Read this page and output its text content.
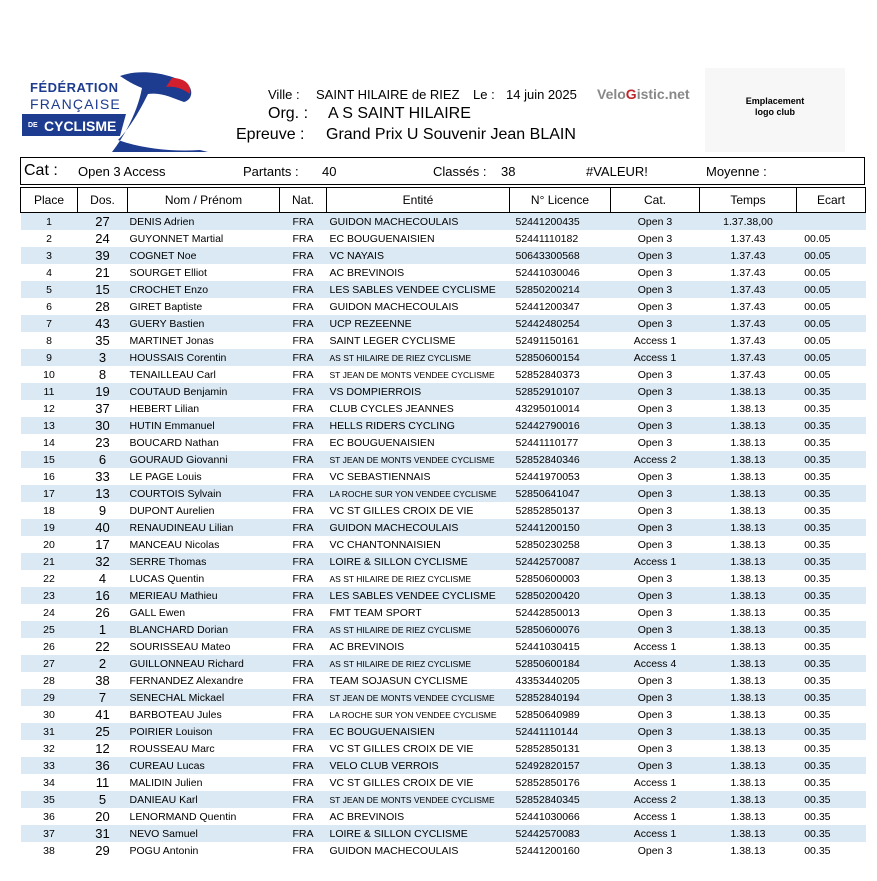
FÉDÉRATION
FRANÇAISE
DE CYCLISME
Ville : SAINT HILAIRE de RIEZ Le : 14 juin 2025
Org. : A S SAINT HILAIRE
Epreuve : Grand Prix U Souvenir Jean BLAIN
VeloGistic.net	Emplacement
logo club
Cat : Open 3 Access	Partants : 40	Classés : 38	#VALEUR!	Moyenne :
Place	Dos.	Nom / Prénom	Nat.	Entité	N° Licence	Cat.	Temps	Ecart
1	27	DENIS Adrien	FRA	GUIDON MACHECOULAIS	52441200435	Open 3	1.37.38,00	
2	24	GUYONNET Martial	FRA	EC BOUGUENAISIEN	52441110182	Open 3	1.37.43	00.05
3	39	COGNET Noe	FRA	VC NAYAIS	50643300568	Open 3	1.37.43	00.05
4	21	SOURGET Elliot	FRA	AC BREVINOIS	52441030046	Open 3	1.37.43	00.05
5	15	CROCHET Enzo	FRA	LES SABLES VENDEE CYCLISME	52850200214	Open 3	1.37.43	00.05
6	28	GIRET Baptiste	FRA	GUIDON MACHECOULAIS	52441200347	Open 3	1.37.43	00.05
7	43	GUERY Bastien	FRA	UCP REZEENNE	52442480254	Open 3	1.37.43	00.05
8	35	MARTINET Jonas	FRA	SAINT LEGER CYCLISME	52491150161	Access 1	1.37.43	00.05
9	3	HOUSSAIS Corentin	FRA	AS ST HILAIRE DE RIEZ CYCLISME	52850600154	Access 1	1.37.43	00.05
10	8	TENAILLEAU Carl	FRA	ST JEAN DE MONTS VENDEE CYCLISME	52852840373	Open 3	1.37.43	00.05
11	19	COUTAUD Benjamin	FRA	VS DOMPIERROIS	52852910107	Open 3	1.38.13	00.35
12	37	HEBERT Lilian	FRA	CLUB CYCLES JEANNES	43295010014	Open 3	1.38.13	00.35
13	30	HUTIN Emmanuel	FRA	HELLS RIDERS CYCLING	52442790016	Open 3	1.38.13	00.35
14	23	BOUCARD Nathan	FRA	EC BOUGUENAISIEN	52441110177	Open 3	1.38.13	00.35
15	6	GOURAUD Giovanni	FRA	ST JEAN DE MONTS VENDEE CYCLISME	52852840346	Access 2	1.38.13	00.35
16	33	LE PAGE Louis	FRA	VC SEBASTIENNAIS	52441970053	Open 3	1.38.13	00.35
17	13	COURTOIS Sylvain	FRA	LA ROCHE SUR YON VENDEE CYCLISME	52850641047	Open 3	1.38.13	00.35
18	9	DUPONT Aurelien	FRA	VC ST GILLES CROIX DE VIE	52852850137	Open 3	1.38.13	00.35
19	40	RENAUDINEAU Lilian	FRA	GUIDON MACHECOULAIS	52441200150	Open 3	1.38.13	00.35
20	17	MANCEAU Nicolas	FRA	VC CHANTONNAISIEN	52850230258	Open 3	1.38.13	00.35
21	32	SERRE Thomas	FRA	LOIRE & SILLON CYCLISME	52442570087	Access 1	1.38.13	00.35
22	4	LUCAS Quentin	FRA	AS ST HILAIRE DE RIEZ CYCLISME	52850600003	Open 3	1.38.13	00.35
23	16	MERIEAU Mathieu	FRA	LES SABLES VENDEE CYCLISME	52850200420	Open 3	1.38.13	00.35
24	26	GALL Ewen	FRA	FMT TEAM SPORT	52442850013	Open 3	1.38.13	00.35
25	1	BLANCHARD Dorian	FRA	AS ST HILAIRE DE RIEZ CYCLISME	52850600076	Open 3	1.38.13	00.35
26	22	SOURISSEAU Mateo	FRA	AC BREVINOIS	52441030415	Access 1	1.38.13	00.35
27	2	GUILLONNEAU Richard	FRA	AS ST HILAIRE DE RIEZ CYCLISME	52850600184	Access 4	1.38.13	00.35
28	38	FERNANDEZ Alexandre	FRA	TEAM SOJASUN CYCLISME	43353440205	Open 3	1.38.13	00.35
29	7	SENECHAL Mickael	FRA	ST JEAN DE MONTS VENDEE CYCLISME	52852840194	Open 3	1.38.13	00.35
30	41	BARBOTEAU Jules	FRA	LA ROCHE SUR YON VENDEE CYCLISME	52850640989	Open 3	1.38.13	00.35
31	25	POIRIER Louison	FRA	EC BOUGUENAISIEN	52441110144	Open 3	1.38.13	00.35
32	12	ROUSSEAU Marc	FRA	VC ST GILLES CROIX DE VIE	52852850131	Open 3	1.38.13	00.35
33	36	CUREAU Lucas	FRA	VELO CLUB VERROIS	52492820157	Open 3	1.38.13	00.35
34	11	MALIDIN Julien	FRA	VC ST GILLES CROIX DE VIE	52852850176	Access 1	1.38.13	00.35
35	5	DANIEAU Karl	FRA	ST JEAN DE MONTS VENDEE CYCLISME	52852840345	Access 2	1.38.13	00.35
36	20	LENORMAND Quentin	FRA	AC BREVINOIS	52441030066	Access 1	1.38.13	00.35
37	31	NEVO Samuel	FRA	LOIRE & SILLON CYCLISME	52442570083	Access 1	1.38.13	00.35
38	29	POGU Antonin	FRA	GUIDON MACHECOULAIS	52441200160	Open 3	1.38.13	00.35
